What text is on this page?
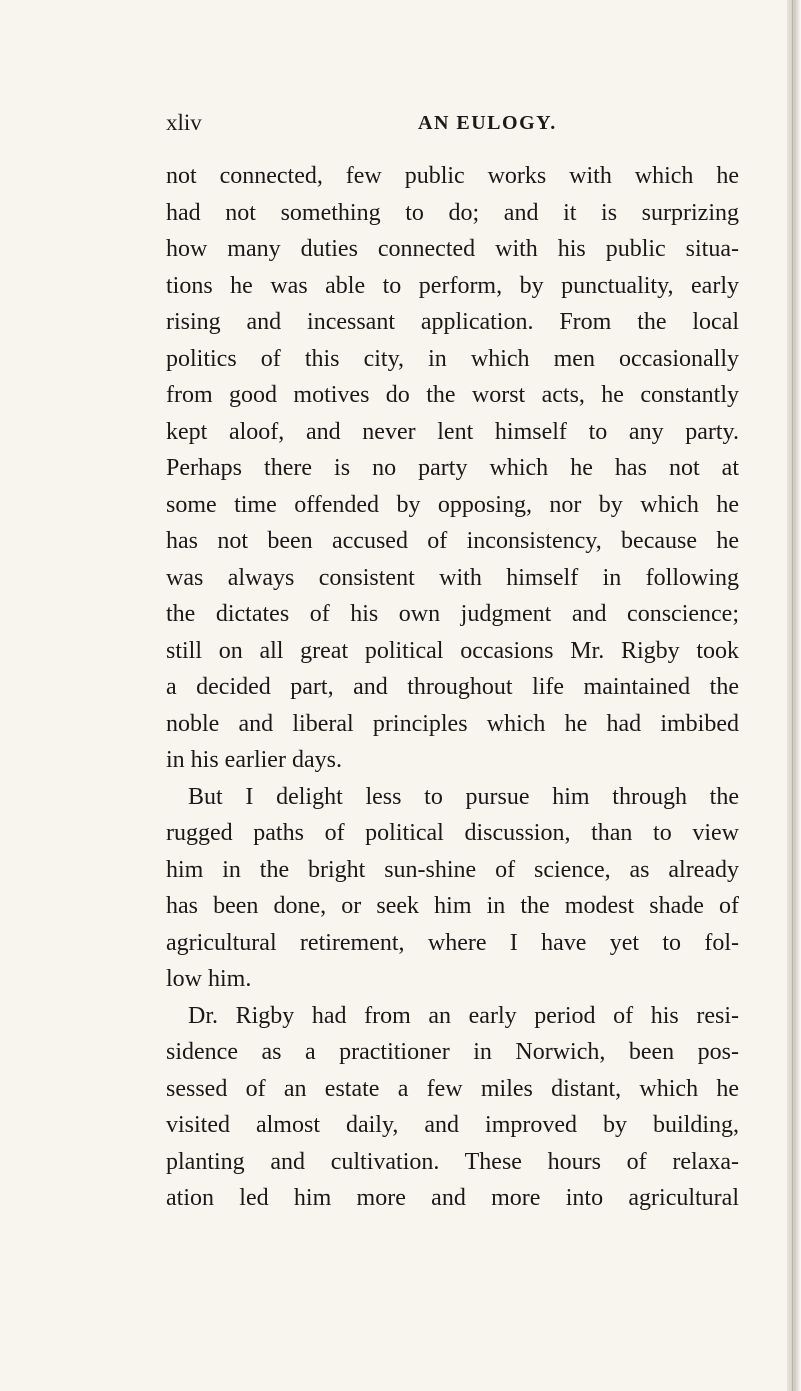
xliv	AN EULOGY.
not connected, few public works with which he
had not something to do; and it is surprizing
how many duties connected with his public situa-
tions he was able to perform, by punctuality, early
rising and incessant application. From the local
politics of this city, in which men occasionally
from good motives do the worst acts, he constantly
kept aloof, and never lent himself to any party.
Perhaps there is no party which he has not at
some time offended by opposing, nor by which he
has not been accused of inconsistency, because he
was always consistent with himself in following
the dictates of his own judgment and conscience;
still on all great political occasions Mr. Rigby took
a decided part, and throughout life maintained the
noble and liberal principles which he had imbibed
in his earlier days.
But I delight less to pursue him through the
rugged paths of political discussion, than to view
him in the bright sun-shine of science, as already
has been done, or seek him in the modest shade of
agricultural retirement, where I have yet to fol-
low him.
Dr. Rigby had from an early period of his resi-
sidence as a practitioner in Norwich, been pos-
sessed of an estate a few miles distant, which he
visited almost daily, and improved by building,
planting and cultivation. These hours of relaxa-
ation led him more and more into agricultural
